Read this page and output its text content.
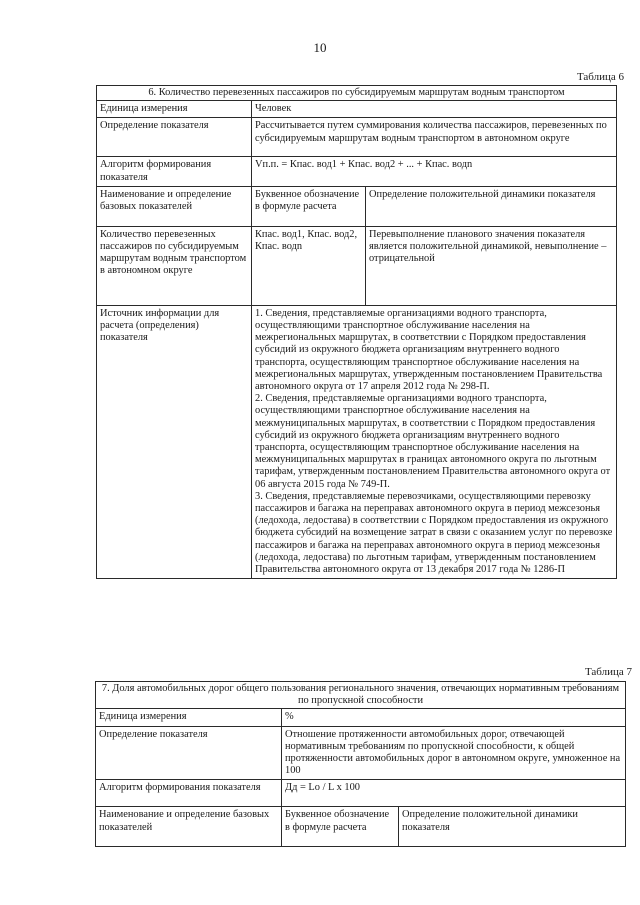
10
Таблица 6
6. Количество перевезенных пассажиров по субсидируемым маршрутам водным транспортом		
Единица измерения	Человек	
Определение показателя	Рассчитывается путем суммирования количества пассажиров, перевезенных по субсидируемым маршрутам водным транспортом в автономном округе	
Алгоритм формирования показателя	Vп.п. = Кпас. вод1 + Кпас. вод2 + ... + Кпас. водn	
Наименование и определение базовых показателей	Буквенное обозначение в формуле расчета	Определение положительной динамики показателя
Количество перевезенных пассажиров по субсидируемым маршрутам водным транспортом в автономном округе	Кпас. вод1, Кпас. вод2, Кпас. водn	Перевыполнение планового значения показателя является положительной динамикой, невыполнение – отрицательной
Источник информации для расчета (определения) показателя	1. Сведения, представляемые организациями водного транспорта, осуществляющими транспортное обслуживание населения на межрегиональных маршрутах, в соответствии с Порядком предоставления субсидий из окружного бюджета организациям внутреннего водного транспорта, осуществляющим транспортное обслуживание населения на межрегиональных маршрутах, утвержденным постановлением Правительства автономного округа от 17 апреля 2012 года № 298-П.

2. Сведения, представляемые организациями водного транспорта, осуществляющими транспортное обслуживание населения на межмуниципальных маршрутах, в соответствии с Порядком предоставления субсидий из окружного бюджета организациям внутреннего водного транспорта, осуществляющим транспортное обслуживание населения на межмуниципальных маршрутах в границах автономного округа по льготным тарифам, утвержденным постановлением Правительства автономного округа от 06 августа 2015 года № 749-П.

3. Сведения, представляемые перевозчиками, осуществляющими перевозку пассажиров и багажа на переправах автономного округа в период межсезонья (ледохода, ледостава) в соответствии с Порядком предоставления из окружного бюджета субсидий на возмещение затрат в связи с оказанием услуг по перевозке пассажиров и багажа на переправах автономного округа в период межсезонья (ледохода, ледостава) по льготным тарифам, утвержденным постановлением Правительства автономного округа от 13 декабря 2017 года № 1286-П	

Таблица 7
7. Доля автомобильных дорог общего пользования регионального значения, отвечающих нормативным требованиям по пропускной способности		
Единица измерения	%	
Определение показателя	Отношение протяженности автомобильных дорог, отвечающей нормативным требованиям по пропускной способности, к общей протяженности автомобильных дорог в автономном округе, умноженное на 100	
Алгоритм формирования показателя	Дд = Lо / L х 100	
Наименование и определение базовых показателей	Буквенное обозначение в формуле расчета	Определение положительной динамики показателя
